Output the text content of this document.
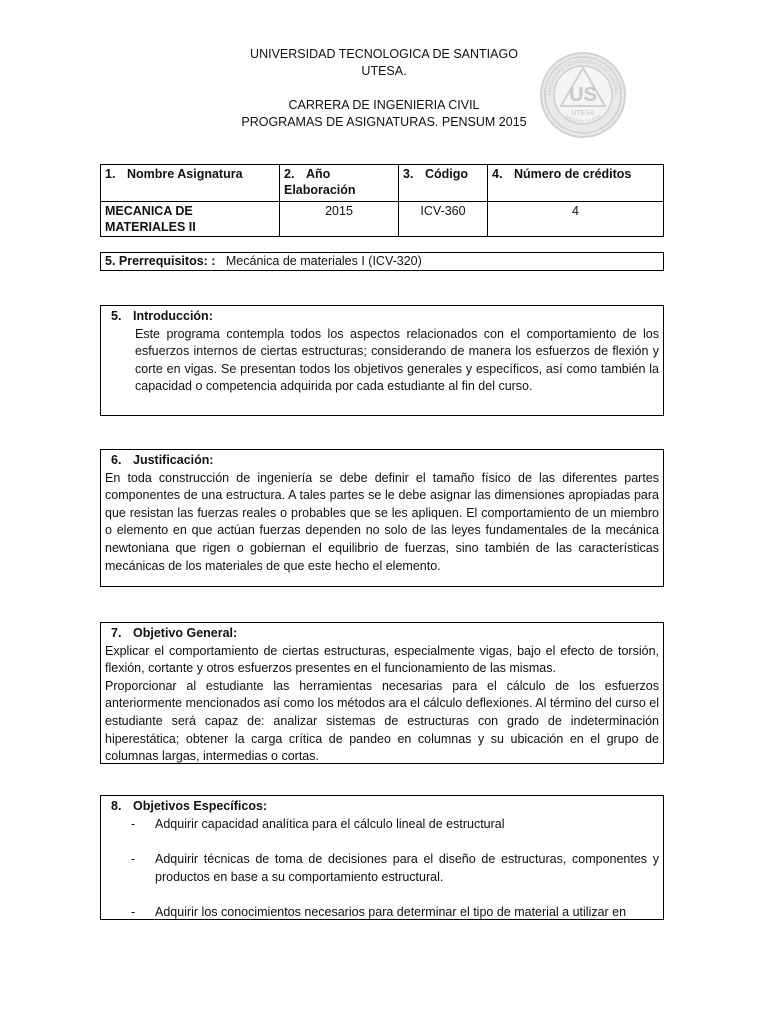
UNIVERSIDAD TECNOLOGICA DE SANTIAGO
UTESA.
CARRERA DE INGENIERIA CIVIL
PROGRAMAS DE ASIGNATURAS. PENSUM 2015
US
UTESA
NIVERSIDAD TECNOLOGICA DE SANTIAG
SABER ET VIVERE
1. Nombre Asignatura	2. Año Elaboración	3. Código	4. Número de créditos
MECANICA DE MATERIALES II	2015	ICV-360	4
5. Prerrequisitos: : Mecánica de materiales I (ICV-320)
5. Introducción:

Este programa contempla todos los aspectos relacionados con el comportamiento de los esfuerzos internos de ciertas estructuras; considerando de manera los esfuerzos de flexión y corte en vigas. Se presentan todos los objetivos generales y específicos, así como también la capacidad o competencia adquirida por cada estudiante al fin del curso.

6. Justificación:

En toda construcción de ingeniería se debe definir el tamaño físico de las diferentes partes componentes de una estructura. A tales partes se le debe asignar las dimensiones apropiadas para que resistan las fuerzas reales o probables que se les apliquen. El comportamiento de un miembro o elemento en que actúan fuerzas dependen no solo de las leyes fundamentales de la mecánica newtoniana que rigen o gobiernan el equilibrio de fuerzas, sino también de las características mecánicas de los materiales de que este hecho el elemento.

7. Objetivo General:

Explicar el comportamiento de ciertas estructuras, especialmente vigas, bajo el efecto de torsión, flexión, cortante y otros esfuerzos presentes en el funcionamiento de las mismas.

Proporcionar al estudiante las herramientas necesarias para el cálculo de los esfuerzos anteriormente mencionados así como los métodos ara el cálculo deflexiones. Al término del curso el estudiante será capaz de: analizar sistemas de estructuras con grado de indeterminación hiperestática; obtener la carga crítica de pandeo en columnas y su ubicación en el grupo de columnas largas, intermedias o cortas.

8. Objetivos Específicos:
- Adquirir capacidad analítica para el cálculo lineal de estructural
- Adquirir técnicas de toma de decisiones para el diseño de estructuras, componentes y productos en base a su comportamiento estructural.
- Adquirir los conocimientos necesarios para determinar el tipo de material a utilizar en
